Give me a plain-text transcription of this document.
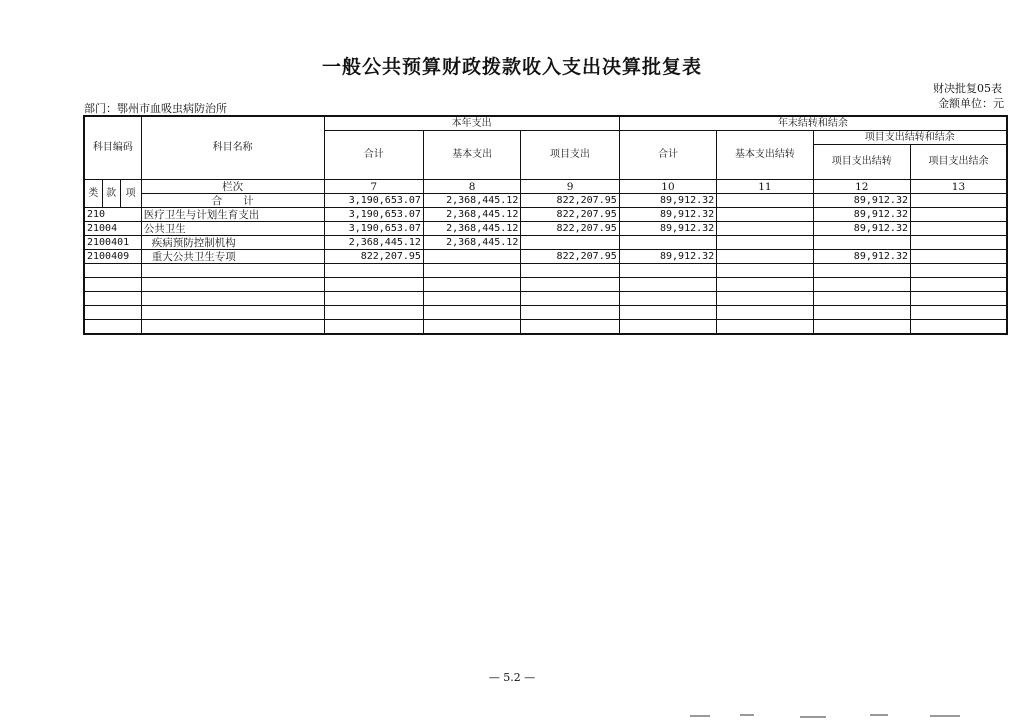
一般公共预算财政拨款收入支出决算批复表
财决批复05表
金额单位：元
部门：鄂州市血吸虫病防治所
科目编码			科目名称	本年支出			年末结转和结余			
				合计	基本支出	项目支出	合计	基本支出结转	项目支出结转和结余	
									项目支出结转	项目支出结余
类	款	项	栏次	7	8	9	10	11	12	13
			合　　计	3,190,653.07	2,368,445.12	822,207.95	89,912.32		89,912.32	
210			医疗卫生与计划生育支出	3,190,653.07	2,368,445.12	822,207.95	89,912.32		89,912.32	
21004			公共卫生	3,190,653.07	2,368,445.12	822,207.95	89,912.32		89,912.32	
2100401			疾病预防控制机构	2,368,445.12	2,368,445.12					
2100409			重大公共卫生专项	822,207.95		822,207.95	89,912.32		89,912.32	

— 5.2 —
